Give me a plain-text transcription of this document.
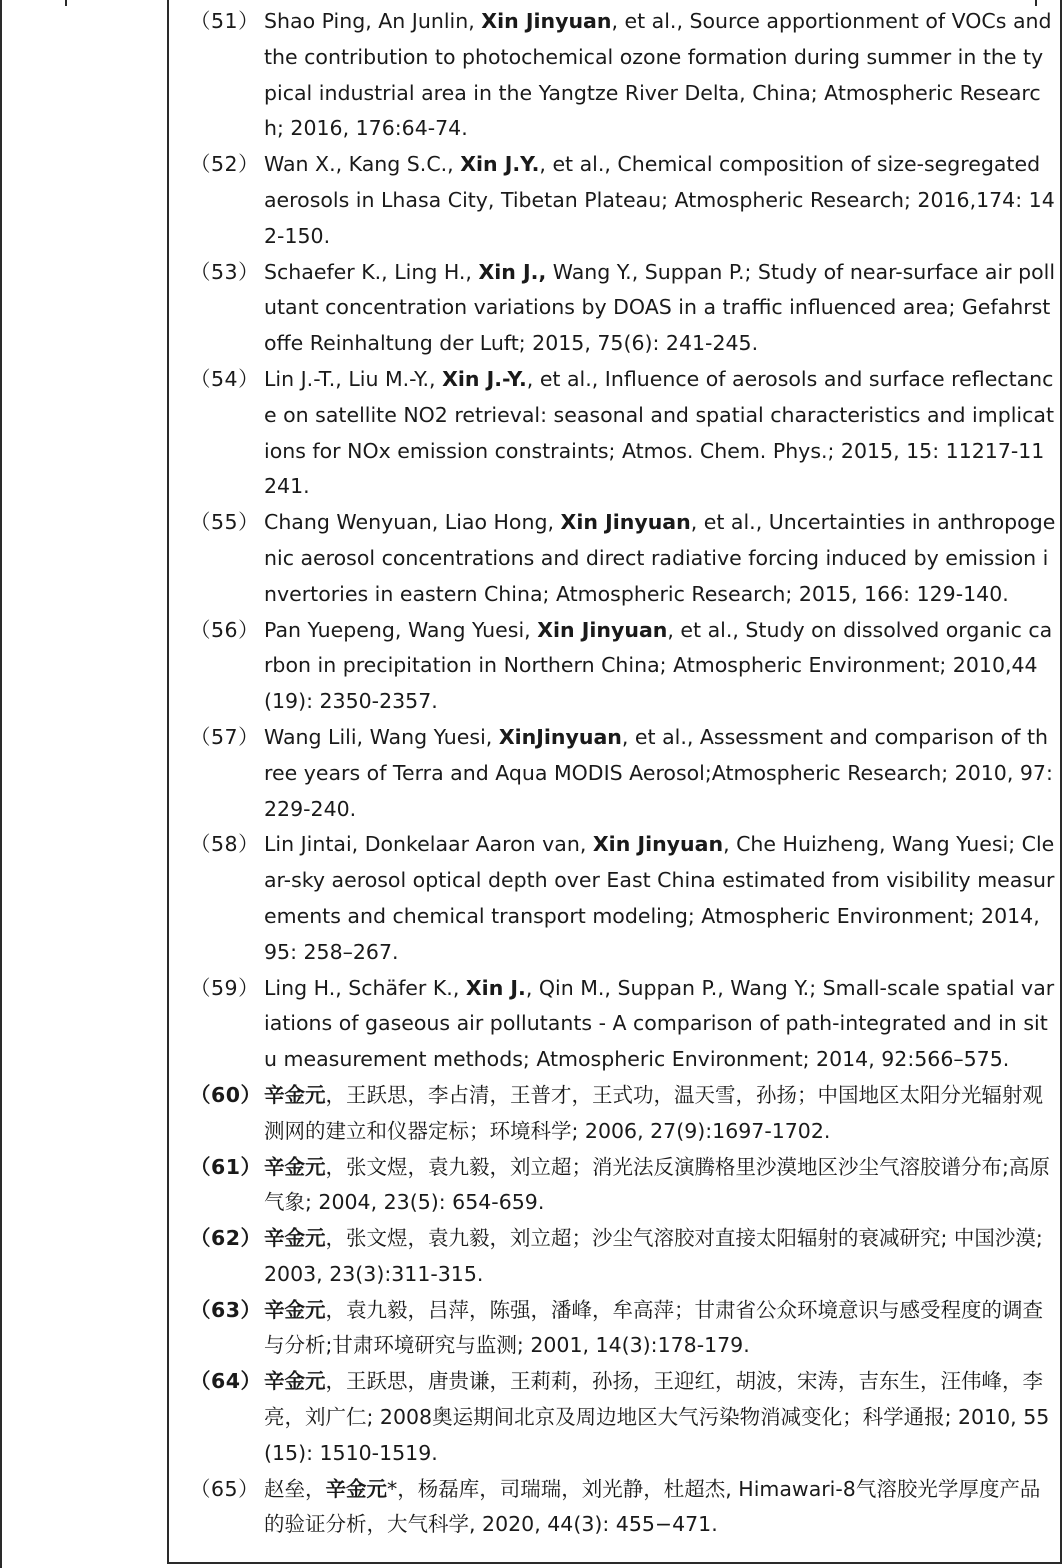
（51） Shao Ping, An Junlin, Xin Jinyuan, et al., Source apportionment of VOCs and the contribution to photochemical ozone formation during summer in the typical industrial area in the Yangtze River Delta, China; Atmospheric Research; 2016, 176:64-74.
（52） Wan X., Kang S.C., Xin J.Y., et al., Chemical composition of size-segregated aerosols in Lhasa City, Tibetan Plateau; Atmospheric Research; 2016,174: 142-150.
（53） Schaefer K., Ling H., Xin J., Wang Y., Suppan P.; Study of near-surface air pollutant concentration variations by DOAS in a traffic influenced area; Gefahrstoffe Reinhaltung der Luft; 2015, 75(6): 241-245.
（54） Lin J.-T., Liu M.-Y., Xin J.-Y., et al., Influence of aerosols and surface reflectance on satellite NO2 retrieval: seasonal and spatial characteristics and implications for NOx emission constraints; Atmos. Chem. Phys.; 2015, 15: 11217-11241.
（55） Chang Wenyuan, Liao Hong, Xin Jinyuan, et al., Uncertainties in anthropogenic aerosol concentrations and direct radiative forcing induced by emission invertories in eastern China; Atmospheric Research; 2015, 166: 129-140.
（56） Pan Yuepeng, Wang Yuesi, Xin Jinyuan, et al., Study on dissolved organic carbon in precipitation in Northern China; Atmospheric Environment; 2010,44(19): 2350-2357.
（57） Wang Lili, Wang Yuesi, XinJinyuan, et al., Assessment and comparison of three years of Terra and Aqua MODIS Aerosol;Atmospheric Research; 2010, 97: 229-240.
（58） Lin Jintai, Donkelaar Aaron van, Xin Jinyuan, Che Huizheng, Wang Yuesi; Clear-sky aerosol optical depth over East China estimated from visibility measurements and chemical transport modeling; Atmospheric Environment; 2014, 95: 258–267.
（59） Ling H., Schäfer K., Xin J., Qin M., Suppan P., Wang Y.; Small-scale spatial variations of gaseous air pollutants - A comparison of path-integrated and in situ measurement methods; Atmospheric Environment; 2014, 92:566–575.
（60） 辛金元，王跃思，李占清，王普才，王式功，温天雪，孙扬；中国地区太阳分光辐射观测网的建立和仪器定标；环境科学; 2006, 27(9):1697-1702.
（61） 辛金元，张文煜，袁九毅，刘立超；消光法反演腾格里沙漠地区沙尘气溶胶谱分布;高原气象; 2004, 23(5): 654-659.
（62） 辛金元，张文煜，袁九毅，刘立超；沙尘气溶胶对直接太阳辐射的衰减研究; 中国沙漠; 2003, 23(3):311-315.
（63） 辛金元，袁九毅，吕萍，陈强，潘峰，牟高萍；甘肃省公众环境意识与感受程度的调查与分析;甘肃环境研究与监测; 2001, 14(3):178-179.
（64） 辛金元，王跃思，唐贵谦，王莉莉，孙扬，王迎红，胡波，宋涛，吉东生，汪伟峰，李亮，刘广仁; 2008奥运期间北京及周边地区大气污染物消减变化；科学通报; 2010, 55(15): 1510-1519.
（65） 赵垒，辛金元*，杨磊库，司瑞瑞，刘光静，杜超杰, Himawari-8气溶胶光学厚度产品的验证分析，大气科学, 2020, 44(3): 455−471.
